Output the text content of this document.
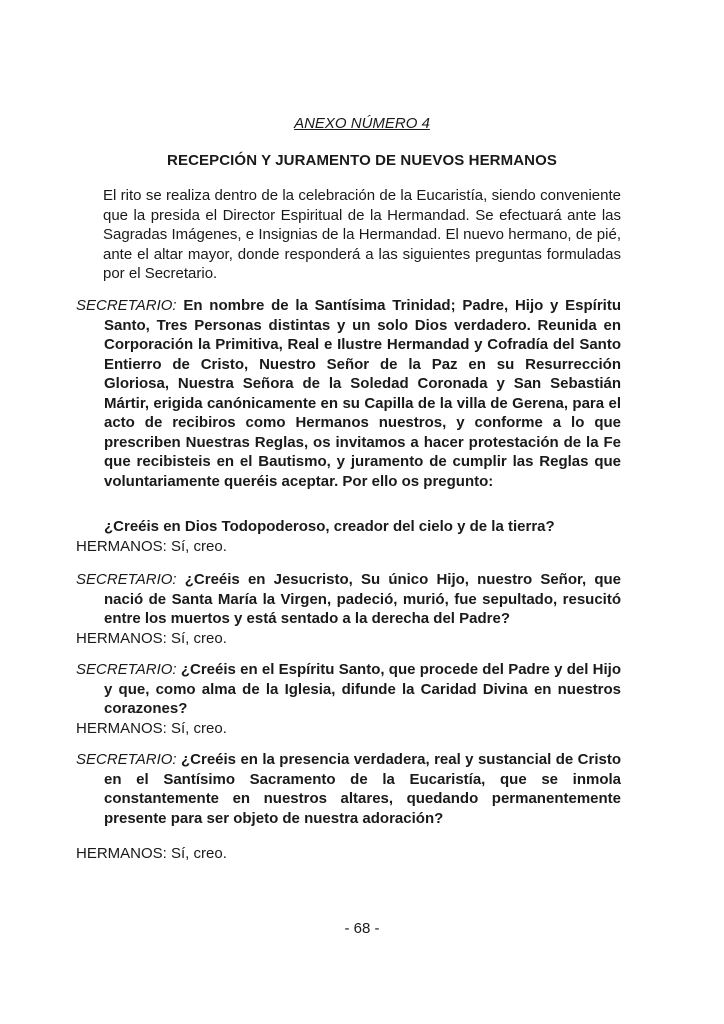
ANEXO NÚMERO 4
RECEPCIÓN Y JURAMENTO DE NUEVOS HERMANOS

El rito se realiza dentro de la celebración de la Eucaristía, siendo conveniente que la presida el Director Espiritual de la Hermandad. Se efectuará ante las Sagradas Imágenes, e Insignias de la Hermandad. El nuevo hermano, de pié, ante el altar mayor, donde responderá a las siguientes preguntas formuladas por el Secretario.

SECRETARIO: En nombre de la Santísima Trinidad; Padre, Hijo y Espíritu Santo, Tres Personas distintas y un solo Dios verdadero. Reunida en Corporación la Primitiva, Real e Ilustre Hermandad y Cofradía del Santo Entierro de Cristo, Nuestro Señor de la Paz en su Resurrección Gloriosa, Nuestra Señora de la Soledad Coronada y San Sebastián Mártir, erigida canónicamente en su Capilla de la villa de Gerena, para el acto de recibiros como Hermanos nuestros, y conforme a lo que prescriben Nuestras Reglas, os invitamos a hacer protestación de la Fe que recibisteis en el Bautismo, y juramento de cumplir las Reglas que voluntariamente queréis aceptar. Por ello os pregunto:

¿Creéis en Dios Todopoderoso, creador del cielo y de la tierra?

HERMANOS: Sí, creo.

SECRETARIO: ¿Creéis en Jesucristo, Su único Hijo, nuestro Señor, que nació de Santa María la Virgen, padeció, murió, fue sepultado, resucitó entre los muertos y está sentado a la derecha del Padre?

HERMANOS: Sí, creo.

SECRETARIO: ¿Creéis en el Espíritu Santo, que procede del Padre y del Hijo y que, como alma de la Iglesia, difunde la Caridad Divina en nuestros corazones?

HERMANOS: Sí, creo.

SECRETARIO: ¿Creéis en la presencia verdadera, real y sustancial de Cristo en el Santísimo Sacramento de la Eucaristía, que se inmola constantemente en nuestros altares, quedando permanentemente presente para ser objeto de nuestra adoración?

HERMANOS: Sí, creo.

- 68 -
